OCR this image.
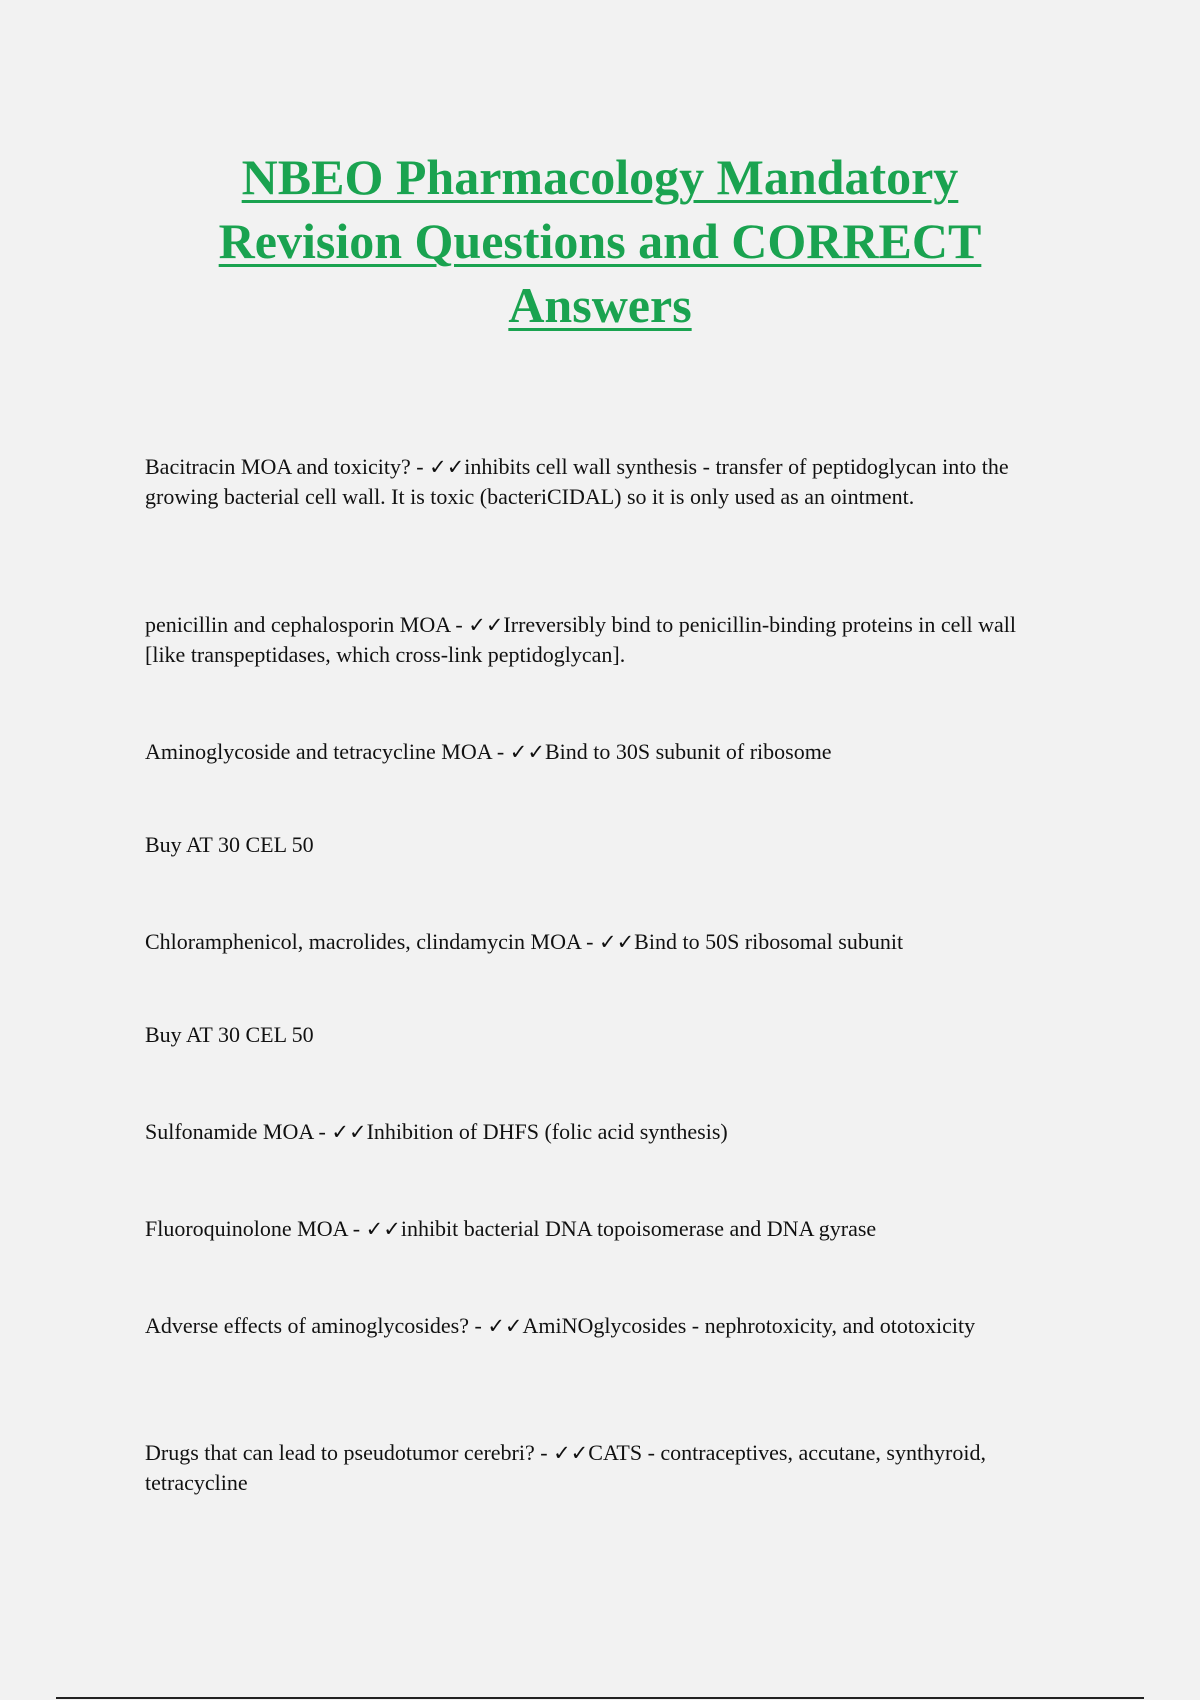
NBEO Pharmacology Mandatory Revision Questions and CORRECT Answers

Bacitracin MOA and toxicity? - ✓✓inhibits cell wall synthesis - transfer of peptidoglycan into the growing bacterial cell wall. It is toxic (bacteriCIDAL) so it is only used as an ointment.

penicillin and cephalosporin MOA - ✓✓Irreversibly bind to penicillin-binding proteins in cell wall [like transpeptidases, which cross-link peptidoglycan].

Aminoglycoside and tetracycline MOA - ✓✓Bind to 30S subunit of ribosome

Buy AT 30 CEL 50

Chloramphenicol, macrolides, clindamycin MOA - ✓✓Bind to 50S ribosomal subunit

Buy AT 30 CEL 50

Sulfonamide MOA - ✓✓Inhibition of DHFS (folic acid synthesis)

Fluoroquinolone MOA - ✓✓inhibit bacterial DNA topoisomerase and DNA gyrase

Adverse effects of aminoglycosides? - ✓✓AmiNOglycosides - nephrotoxicity, and ototoxicity

Drugs that can lead to pseudotumor cerebri? - ✓✓CATS - contraceptives, accutane, synthyroid, tetracycline
